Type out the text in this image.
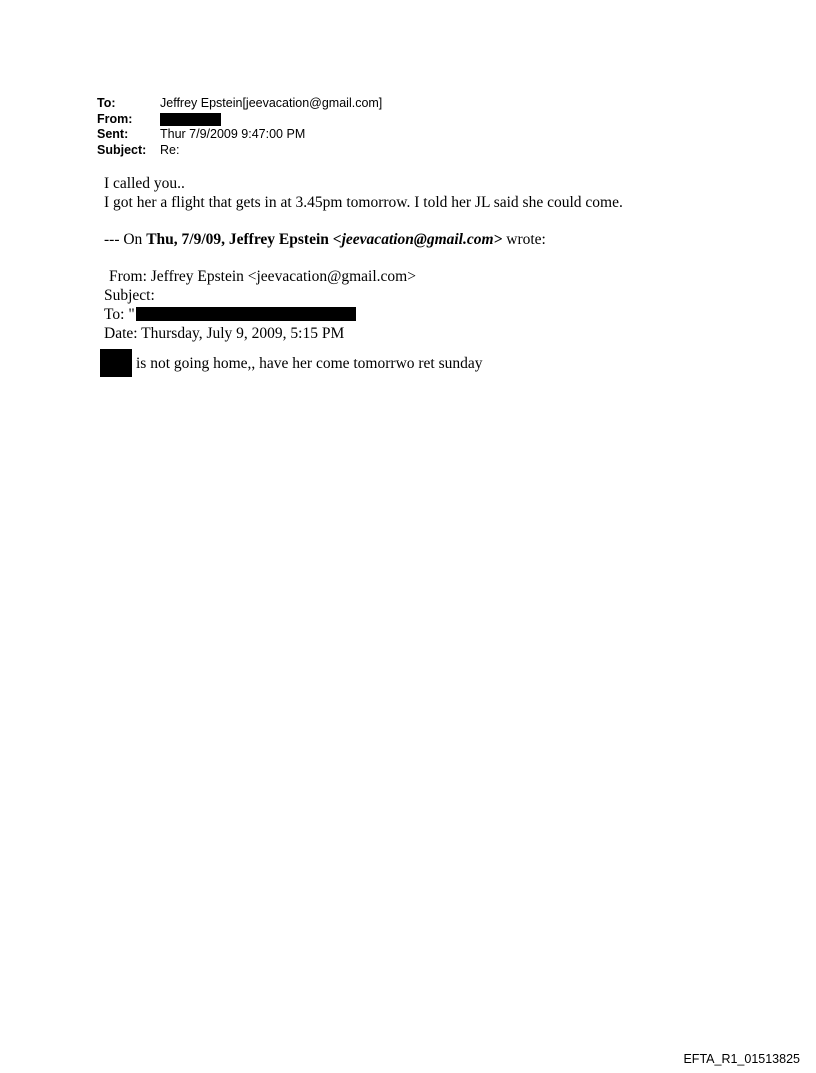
To:	Jeffrey Epstein[jeevacation@gmail.com]
From:
Sent:	Thur 7/9/2009 9:47:00 PM
Subject:	Re:
I called you..
I got her a flight that gets in at 3.45pm tomorrow. I told her JL said she could come.
--- On Thu, 7/9/09, Jeffrey Epstein <jeevacation@gmail.com> wrote:
From: Jeffrey Epstein <jeevacation@gmail.com>
Subject:
To: "
Date: Thursday, July 9, 2009, 5:15 PM
is not going home,, have her come tomorrwo ret sunday
EFTA_R1_01513825
